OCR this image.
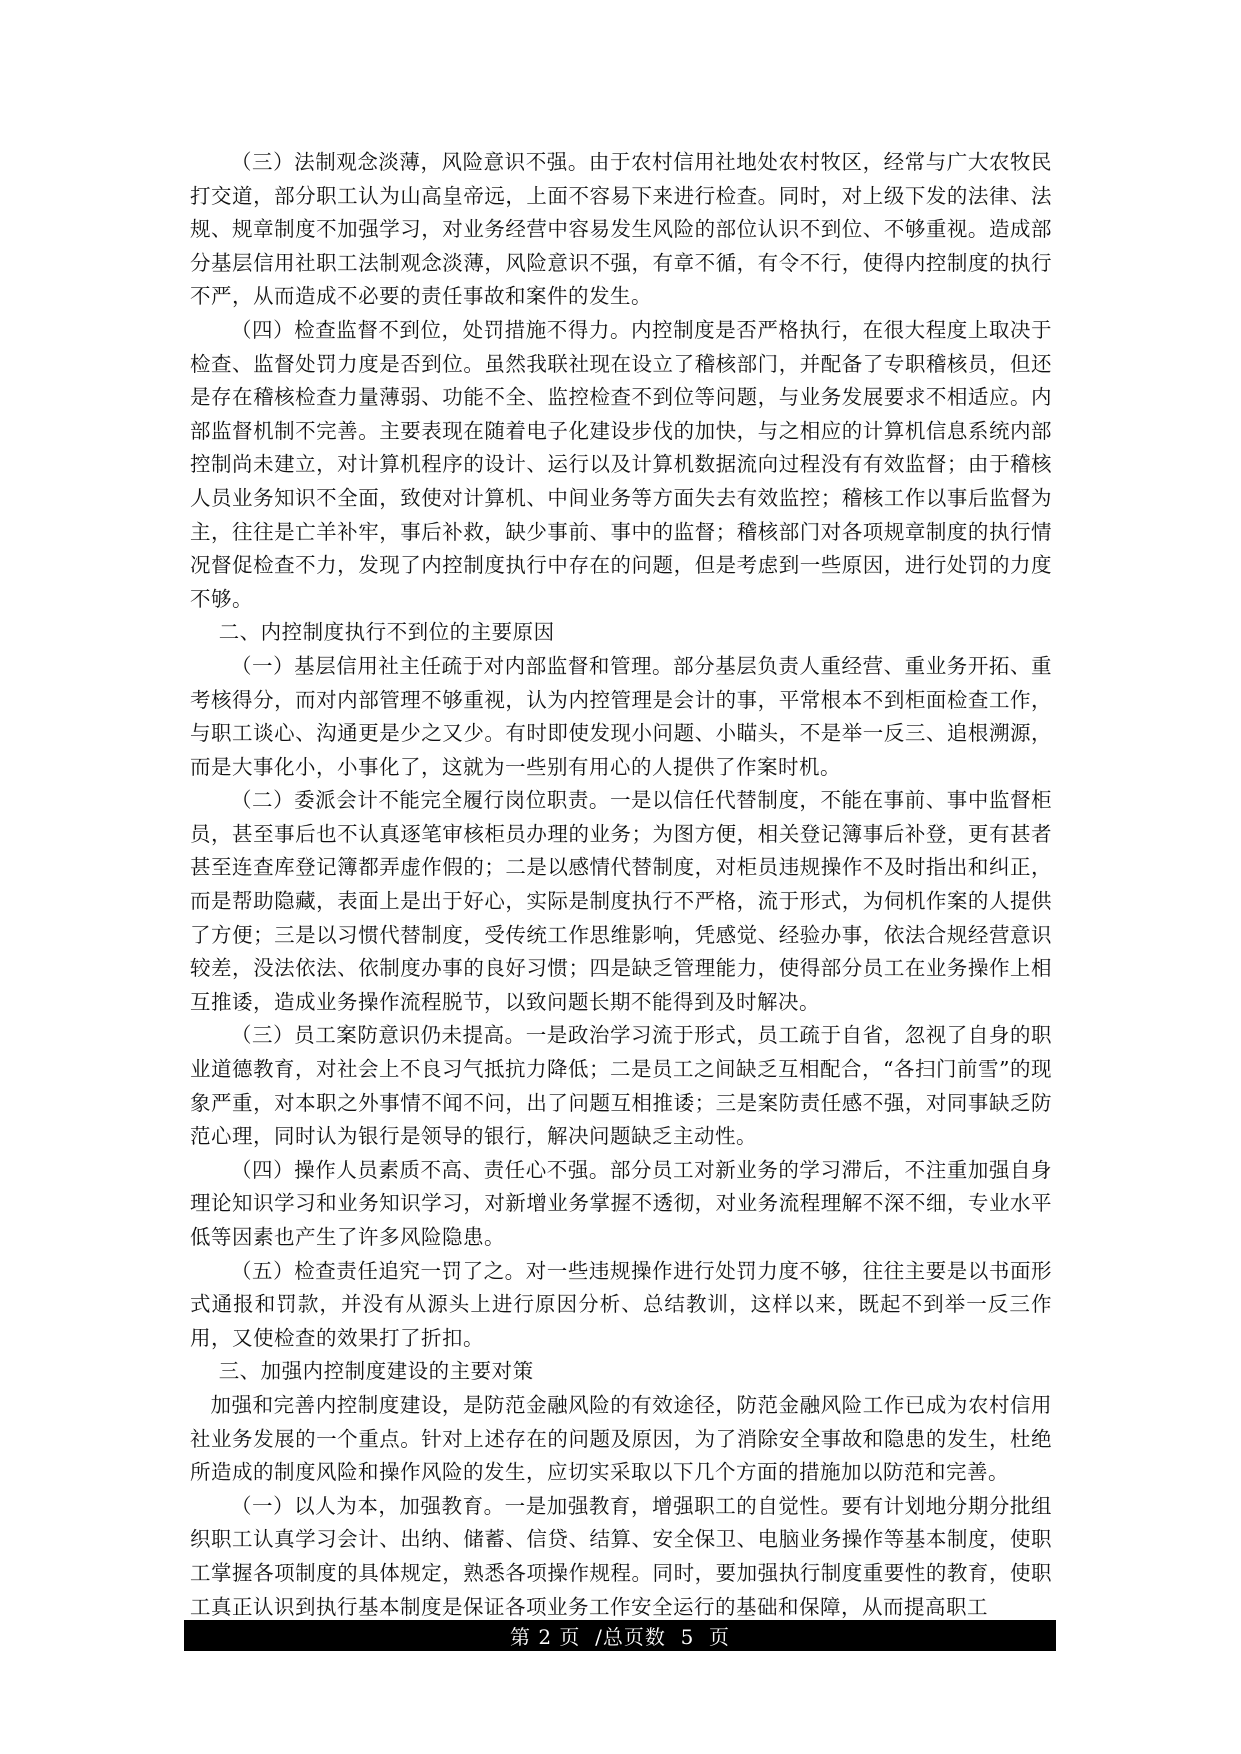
（三）法制观念淡薄，风险意识不强。由于农村信用社地处农村牧区，经常与广大农牧民打交道，部分职工认为山高皇帝远，上面不容易下来进行检查。同时，对上级下发的法律、法规、规章制度不加强学习，对业务经营中容易发生风险的部位认识不到位、不够重视。造成部分基层信用社职工法制观念淡薄，风险意识不强，有章不循，有令不行，使得内控制度的执行不严，从而造成不必要的责任事故和案件的发生。

（四）检查监督不到位，处罚措施不得力。内控制度是否严格执行，在很大程度上取决于检查、监督处罚力度是否到位。虽然我联社现在设立了稽核部门，并配备了专职稽核员，但还是存在稽核检查力量薄弱、功能不全、监控检查不到位等问题，与业务发展要求不相适应。内部监督机制不完善。主要表现在随着电子化建设步伐的加快，与之相应的计算机信息系统内部控制尚未建立，对计算机程序的设计、运行以及计算机数据流向过程没有有效监督；由于稽核人员业务知识不全面，致使对计算机、中间业务等方面失去有效监控；稽核工作以事后监督为主，往往是亡羊补牢，事后补救，缺少事前、事中的监督；稽核部门对各项规章制度的执行情况督促检查不力，发现了内控制度执行中存在的问题，但是考虑到一些原因，进行处罚的力度不够。

二、内控制度执行不到位的主要原因

（一）基层信用社主任疏于对内部监督和管理。部分基层负责人重经营、重业务开拓、重考核得分，而对内部管理不够重视，认为内控管理是会计的事，平常根本不到柜面检查工作，与职工谈心、沟通更是少之又少。有时即使发现小问题、小瞄头，不是举一反三、追根溯源，而是大事化小，小事化了，这就为一些别有用心的人提供了作案时机。

（二）委派会计不能完全履行岗位职责。一是以信任代替制度，不能在事前、事中监督柜员，甚至事后也不认真逐笔审核柜员办理的业务；为图方便，相关登记簿事后补登，更有甚者甚至连查库登记簿都弄虚作假的；二是以感情代替制度，对柜员违规操作不及时指出和纠正，而是帮助隐藏，表面上是出于好心，实际是制度执行不严格，流于形式，为伺机作案的人提供了方便；三是以习惯代替制度，受传统工作思维影响，凭感觉、经验办事，依法合规经营意识较差，没法依法、依制度办事的良好习惯；四是缺乏管理能力，使得部分员工在业务操作上相互推诿，造成业务操作流程脱节，以致问题长期不能得到及时解决。

（三）员工案防意识仍未提高。一是政治学习流于形式，员工疏于自省，忽视了自身的职业道德教育，对社会上不良习气抵抗力降低；二是员工之间缺乏互相配合，“各扫门前雪”的现象严重，对本职之外事情不闻不问，出了问题互相推诿；三是案防责任感不强，对同事缺乏防范心理，同时认为银行是领导的银行，解决问题缺乏主动性。

（四）操作人员素质不高、责任心不强。部分员工对新业务的学习滞后，不注重加强自身理论知识学习和业务知识学习，对新增业务掌握不透彻，对业务流程理解不深不细，专业水平低等因素也产生了许多风险隐患。

（五）检查责任追究一罚了之。对一些违规操作进行处罚力度不够，往往主要是以书面形式通报和罚款，并没有从源头上进行原因分析、总结教训，这样以来，既起不到举一反三作用，又使检查的效果打了折扣。

三、加强内控制度建设的主要对策

加强和完善内控制度建设，是防范金融风险的有效途径，防范金融风险工作已成为农村信用社业务发展的一个重点。针对上述存在的问题及原因，为了消除安全事故和隐患的发生，杜绝所造成的制度风险和操作风险的发生，应切实采取以下几个方面的措施加以防范和完善。

（一）以人为本，加强教育。一是加强教育，增强职工的自觉性。要有计划地分期分批组织职工认真学习会计、出纳、储蓄、信贷、结算、安全保卫、电脑业务操作等基本制度，使职工掌握各项制度的具体规定，熟悉各项操作规程。同时，要加强执行制度重要性的教育，使职工真正认识到执行基本制度是保证各项业务工作安全运行的基础和保障，从而提高职工

第 2 页  /总页数  5  页
